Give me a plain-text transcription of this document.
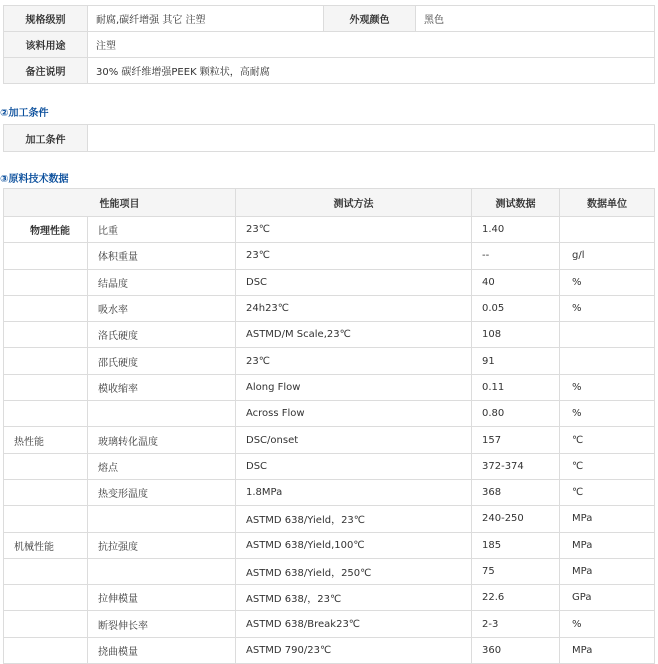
规格级别	耐腐,碳纤增强 其它 注塑	外观颜色	黑色
该料用途	注塑		
备注说明	30% 碳纤维增强PEEK 颗粒状，高耐腐		
②加工条件
加工条件	
③原料技术数据
性能项目		测试方法	测试数据	数据单位
物理性能	比重	23℃	1.40	
	体积重量	23℃	--	g/l
	结晶度	DSC	40	%
	吸水率	24h23℃	0.05	%
	洛氏硬度	ASTMD/M Scale,23℃	108	
	邵氏硬度	23℃	91	
	模收缩率	Along Flow	0.11	%
		Across Flow	0.80	%
热性能	玻璃转化温度	DSC/onset	157	℃
	熔点	DSC	372-374	℃
	热变形温度	1.8MPa	368	℃
		ASTMD 638/Yield，23℃	240-250	MPa
机械性能	抗拉强度	ASTMD 638/Yield,100℃	185	MPa
		ASTMD 638/Yield，250℃	75	MPa
	拉伸模量	ASTMD 638/，23℃	22.6	GPa
	断裂伸长率	ASTMD 638/Break23℃	2-3	%
	挠曲模量	ASTMD 790/23℃	360	MPa
